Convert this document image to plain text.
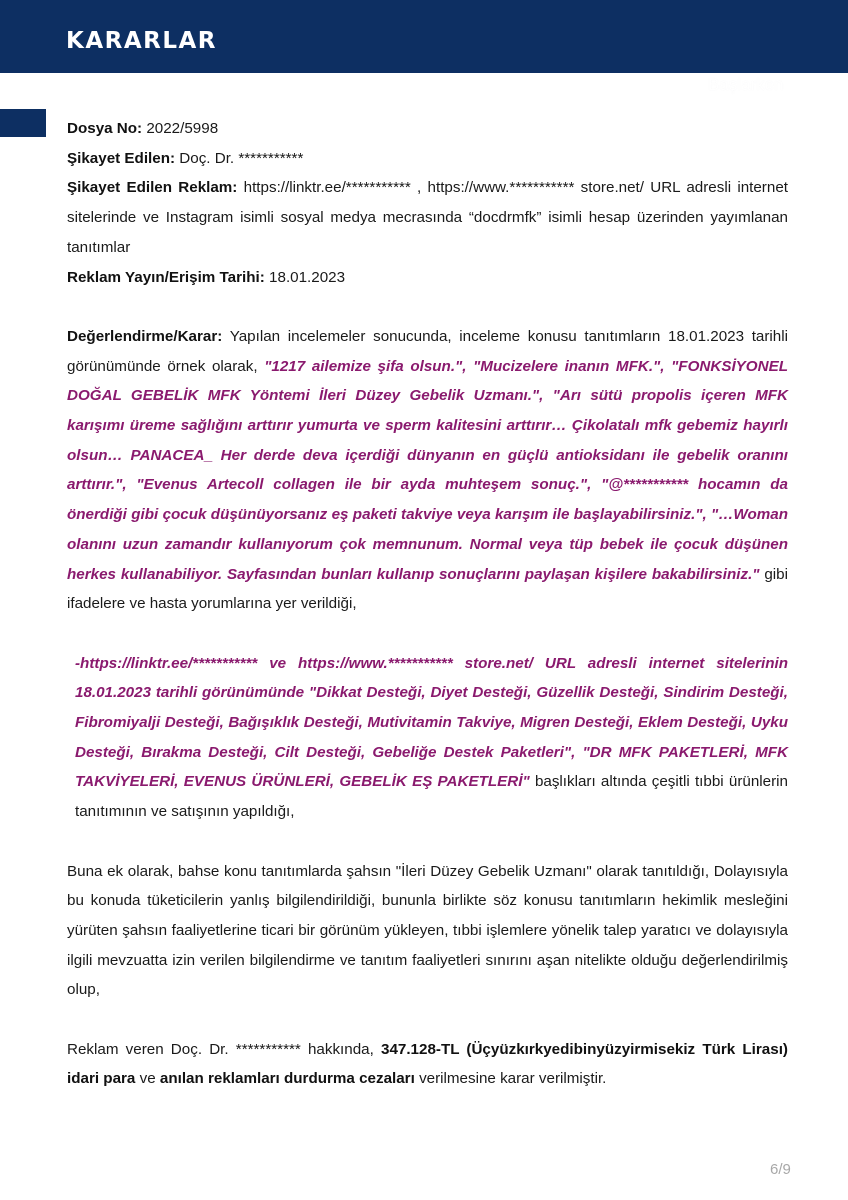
KARARLAR
Başlarken

Dosya No: 2022/5998

Şikayet Edilen: Doç. Dr. ***********

Şikayet Edilen Reklam: https://linktr.ee/*********** , https://www.*********** store.net/ URL adresli internet sitelerinde ve Instagram isimli sosyal medya mecrasında “docdrmfk” isimli hesap üzerinden yayımlanan tanıtımlar

Reklam Yayın/Erişim Tarihi: 18.01.2023

Değerlendirme/Karar: Yapılan incelemeler sonucunda, inceleme konusu tanıtımların 18.01.2023 tarihli görünümünde örnek olarak, "1217 ailemize şifa olsun.", "Mucizelere inanın MFK.", "FONKSİYONEL DOĞAL GEBELİK MFK Yöntemi İleri Düzey Gebelik Uzmanı.", "Arı sütü propolis içeren MFK karışımı üreme sağlığını arttırır yumurta ve sperm kalitesini arttırır… Çikolatalı mfk gebemiz hayırlı olsun… PANACEA_ Her derde deva içerdiği dünyanın en güçlü antioksidanı ile gebelik oranını arttırır.", "Evenus Artecoll collagen ile bir ayda muhteşem sonuç.", "@*********** hocamın da önerdiği gibi çocuk düşünüyorsanız eş paketi takviye veya karışım ile başlayabilirsiniz.", "…Woman olanını uzun zamandır kullanıyorum çok memnunum. Normal veya tüp bebek ile çocuk düşünen herkes kullanabiliyor. Sayfasından bunları kullanıp sonuçlarını paylaşan kişilere bakabilirsiniz." gibi ifadelere ve hasta yorumlarına yer verildiği,

-https://linktr.ee/*********** ve https://www.*********** store.net/ URL adresli internet sitelerinin 18.01.2023 tarihli görünümünde "Dikkat Desteği, Diyet Desteği, Güzellik Desteği, Sindirim Desteği, Fibromiyalji Desteği, Bağışıklık Desteği, Mutivitamin Takviye, Migren Desteği, Eklem Desteği, Uyku Desteği, Bırakma Desteği, Cilt Desteği, Gebeliğe Destek Paketleri", "DR MFK PAKETLERİ, MFK TAKVİYELERİ, EVENUS ÜRÜNLERİ, GEBELİK EŞ PAKETLERİ" başlıkları altında çeşitli tıbbi ürünlerin tanıtımının ve satışının yapıldığı,

Buna ek olarak, bahse konu tanıtımlarda şahsın "İleri Düzey Gebelik Uzmanı" olarak tanıtıldığı, Dolayısıyla bu konuda tüketicilerin yanlış bilgilendirildiği, bununla birlikte söz konusu tanıtımların hekimlik mesleğini yürüten şahsın faaliyetlerine ticari bir görünüm yükleyen, tıbbi işlemlere yönelik talep yaratıcı ve dolayısıyla ilgili mevzuatta izin verilen bilgilendirme ve tanıtım faaliyetleri sınırını aşan nitelikte olduğu değerlendirilmiş olup,

Reklam veren Doç. Dr. *********** hakkında, 347.128-TL (Üçyüzkırkyedibinyüzyirmisekiz Türk Lirası) idari para ve anılan reklamları durdurma cezaları verilmesine karar verilmiştir.

6/9
